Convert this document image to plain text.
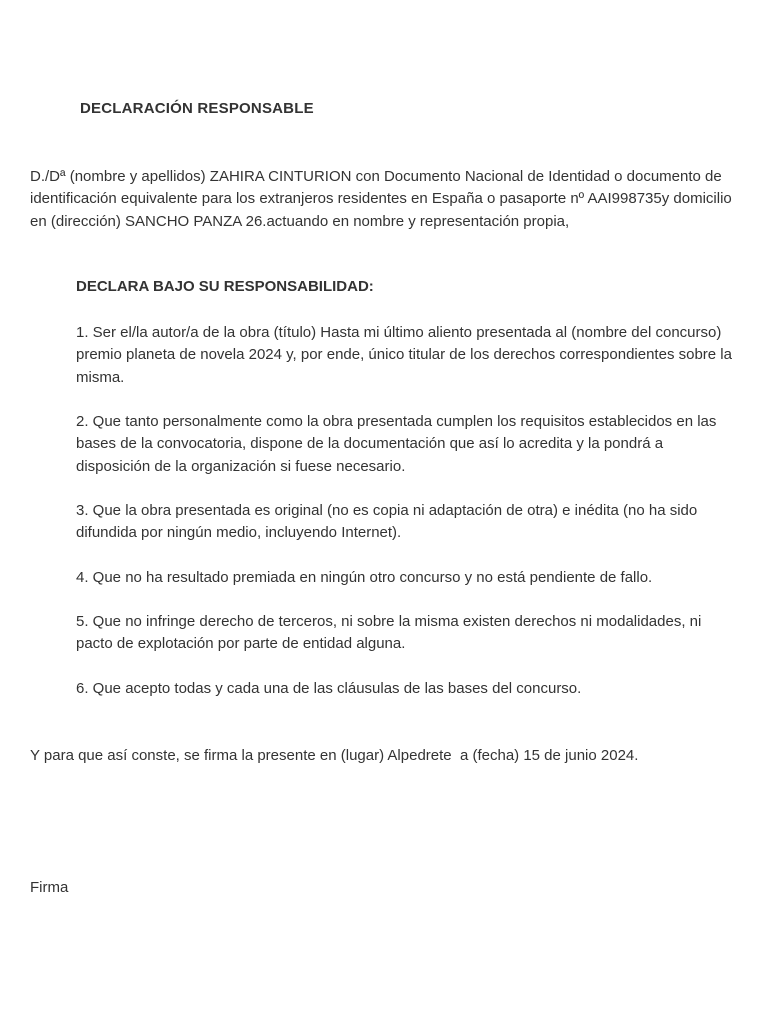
DECLARACIÓN RESPONSABLE

D./Dª (nombre y apellidos) ZAHIRA CINTURION con Documento Nacional de Identidad o documento de identificación equivalente para los extranjeros residentes en España o pasaporte nº AAI998735y domicilio en (dirección) SANCHO PANZA 26.actuando en nombre y representación propia,

DECLARA BAJO SU RESPONSABILIDAD:

1. Ser el/la autor/a de la obra (título) Hasta mi último aliento presentada al (nombre del concurso) premio planeta de novela 2024 y, por ende, único titular de los derechos correspondientes sobre la misma.

2. Que tanto personalmente como la obra presentada cumplen los requisitos establecidos en las bases de la convocatoria, dispone de la documentación que así lo acredita y la pondrá a disposición de la organización si fuese necesario.

3. Que la obra presentada es original (no es copia ni adaptación de otra) e inédita (no ha sido difundida por ningún medio, incluyendo Internet).

4. Que no ha resultado premiada en ningún otro concurso y no está pendiente de fallo.

5. Que no infringe derecho de terceros, ni sobre la misma existen derechos ni modalidades, ni pacto de explotación por parte de entidad alguna.

6. Que acepto todas y cada una de las cláusulas de las bases del concurso.

Y para que así conste, se firma la presente en (lugar) Alpedrete  a (fecha) 15 de junio 2024.

Firma
